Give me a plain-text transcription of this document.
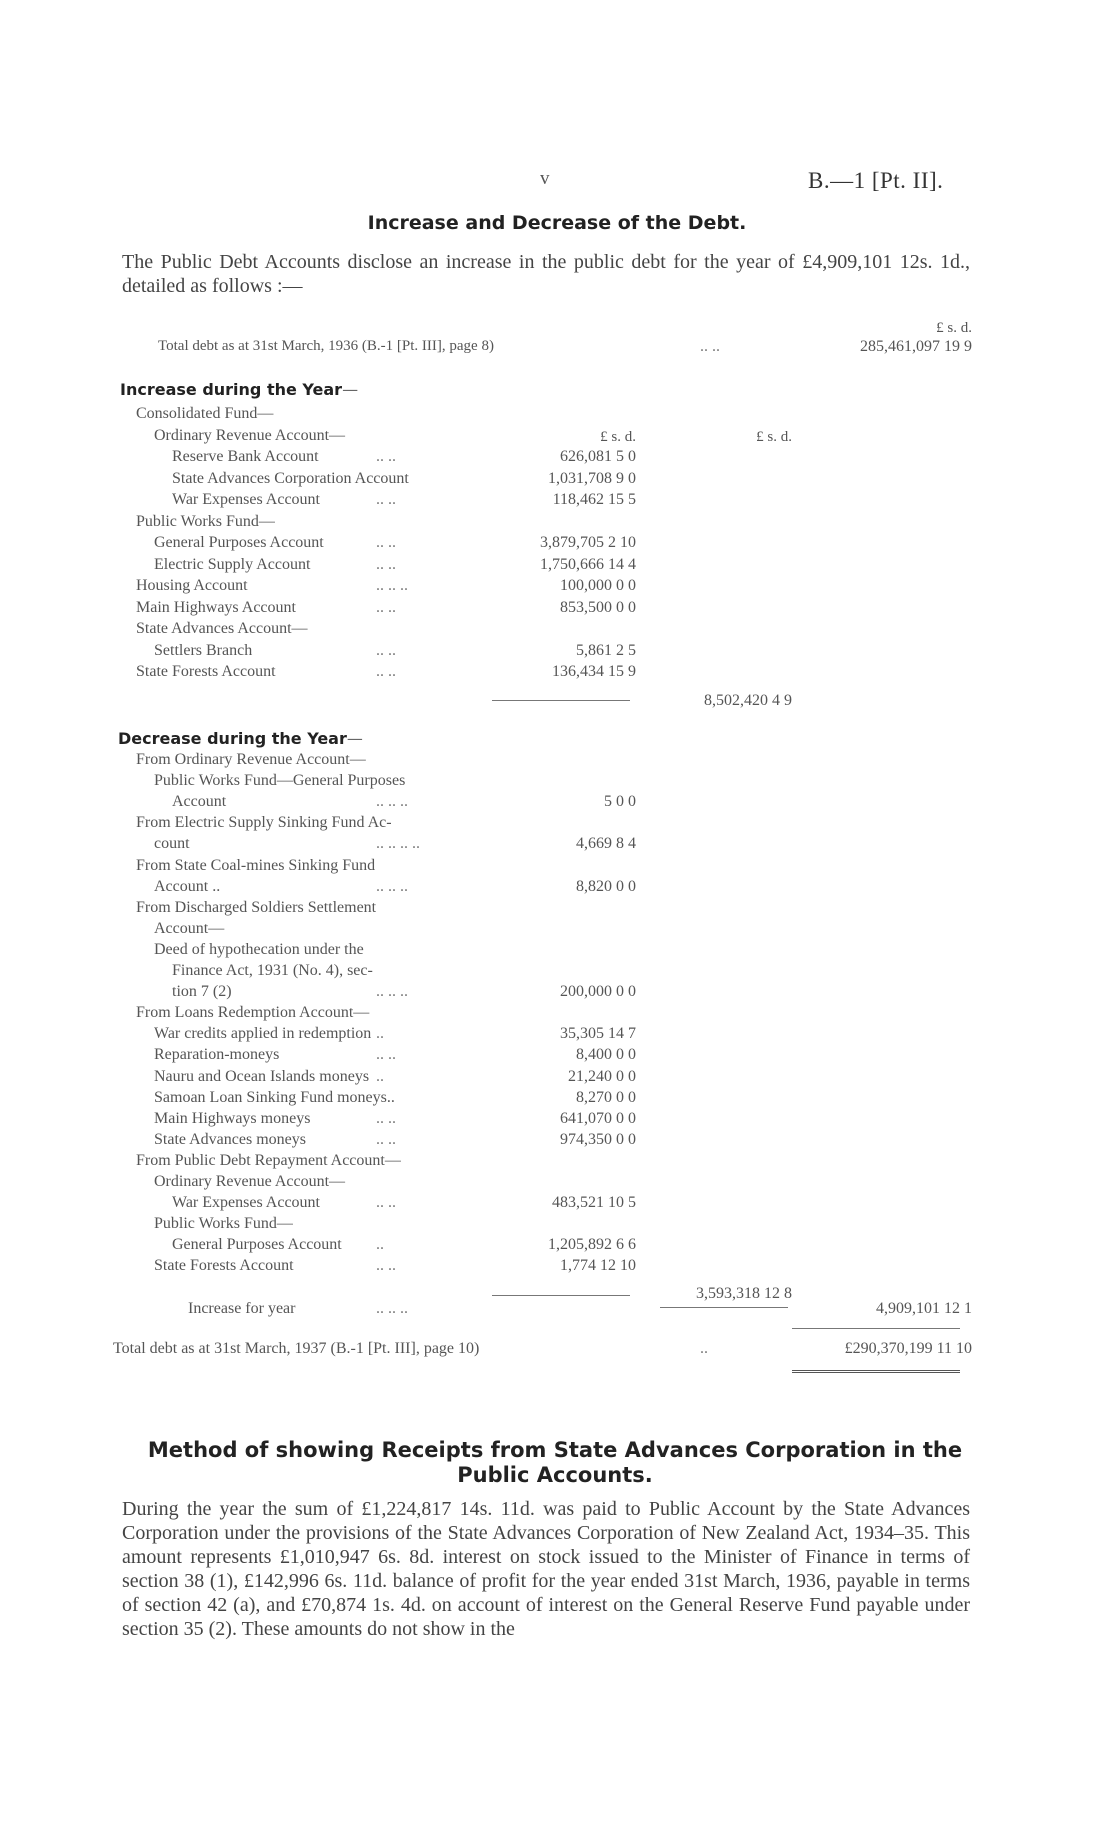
v	B.—1 [Pt. II].
Increase and Decrease of the Debt.
The Public Debt Accounts disclose an increase in the public debt for the year of £4,909,101 12s. 1d., detailed as follows :—
£ s. d.
Total debt as at 31st March, 1936 (B.-1 [Pt. III], page 8)	.. ..	285,461,097 19 9
Increase during the Year—
£ s. d.	£ s. d.
Consolidated Fund—
Ordinary Revenue Account—
Reserve Bank Account	.. ..	626,081 5 0
State Advances Corporation Account	1,031,708 9 0
War Expenses Account	.. ..	118,462 15 5
Public Works Fund—
General Purposes Account	.. ..	3,879,705 2 10
Electric Supply Account	.. ..	1,750,666 14 4
Housing Account	.. .. ..	100,000 0 0
Main Highways Account	.. ..	853,500 0 0
State Advances Account—
Settlers Branch	.. ..	5,861 2 5
State Forests Account	.. ..	136,434 15 9
8,502,420 4 9
Decrease during the Year—
From Ordinary Revenue Account—
Public Works Fund—General Purposes
Account	.. .. ..	5 0 0
From Electric Supply Sinking Fund Ac-
count	.. .. .. ..	4,669 8 4
From State Coal-mines Sinking Fund
Account ..	.. .. ..	8,820 0 0
From Discharged Soldiers Settlement
Account—
Deed of hypothecation under the
Finance Act, 1931 (No. 4), sec-
tion 7 (2)	.. .. ..	200,000 0 0
From Loans Redemption Account—
War credits applied in redemption ..	35,305 14 7
Reparation-moneys	.. ..	8,400 0 0
Nauru and Ocean Islands moneys ..	21,240 0 0
Samoan Loan Sinking Fund moneys..	8,270 0 0
Main Highways moneys	.. ..	641,070 0 0
State Advances moneys	.. ..	974,350 0 0
From Public Debt Repayment Account—
Ordinary Revenue Account—
War Expenses Account	.. ..	483,521 10 5
Public Works Fund—
General Purposes Account ..	1,205,892 6 6
State Forests Account	.. ..	1,774 12 10
3,593,318 12 8
Increase for year	.. .. ..	4,909,101 12 1
Total debt as at 31st March, 1937 (B.-1 [Pt. III], page 10)	..	£290,370,199 11 10
Method of showing Receipts from State Advances Corporation in the Public Accounts.
During the year the sum of £1,224,817 14s. 11d. was paid to Public Account by the State Advances Corporation under the provisions of the State Advances Corporation of New Zealand Act, 1934–35. This amount represents £1,010,947 6s. 8d. interest on stock issued to the Minister of Finance in terms of section 38 (1), £142,996 6s. 11d. balance of profit for the year ended 31st March, 1936, payable in terms of section 42 (a), and £70,874 1s. 4d. on account of interest on the General Reserve Fund payable under section 35 (2). These amounts do not show in the
